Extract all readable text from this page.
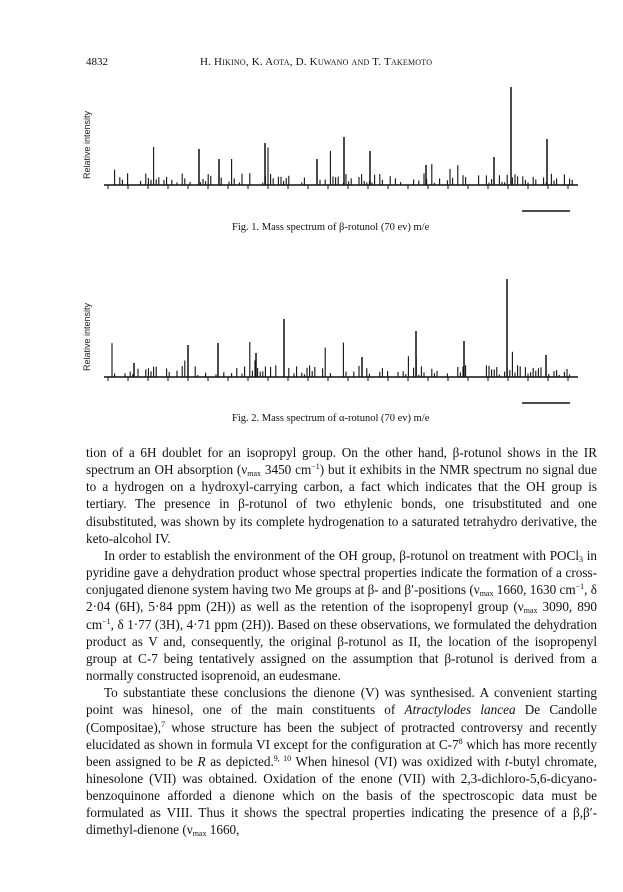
4832	H. Hikino, K. Aota, D. Kuwano and T. Takemoto
Relative intensity
Fig. 1. Mass spectrum of β-rotunol (70 ev) m/e
Relative intensity
Fig. 2. Mass spectrum of α-rotunol (70 ev) m/e

tion of a 6H doublet for an isopropyl group. On the other hand, β-rotunol shows in the IR spectrum an OH absorption ($\nu_{max}$ 3450 $cm^{-1}$) but it exhibits in the NMR spectrum no signal due to a hydrogen on a hydroxyl-carrying carbon, a fact which indicates that the OH group is tertiary. The presence in β-rotunol of two ethylenic bonds, one trisubstituted and one disubstituted, was shown by its complete hydrogenation to a saturated tetrahydro derivative, the keto-alcohol IV.

In order to establish the environment of the OH group, β-rotunol on treatment with POCl$_3$ in pyridine gave a dehydration product whose spectral properties indicate the formation of a cross-conjugated dienone system having two Me groups at β- and β′-positions ($\nu_{max}$ 1660, 1630 $cm^{-1}$, δ 2·04 (6H), 5·84 ppm (2H)) as well as the retention of the isopropenyl group ($\nu_{max}$ 3090, 890 $cm^{-1}$, δ 1·77 (3H), 4·71 ppm (2H)). Based on these observations, we formulated the dehydration product as V and, consequently, the original β-rotunol as II, the location of the isopropenyl group at C-7 being tentatively assigned on the assumption that β-rotunol is derived from a normally constructed isoprenoid, an eudesmane.

To substantiate these conclusions the dienone (V) was synthesised. A convenient starting point was hinesol, one of the main constituents of Atractylodes lancea De Candolle (Compositae),$^7$ whose structure has been the subject of protracted controversy and recently elucidated as shown in formula VI except for the configuration at $C-7^8$ which has more recently been assigned to be R as depicted.$^{9, 10}$ When hinesol (VI) was oxidized with t-butyl chromate, hinesolone (VII) was obtained. Oxidation of the enone (VII) with 2,3-dichloro-5,6-dicyano-benzoquinone afforded a dienone which on the basis of the spectroscopic data must be formulated as VIII. Thus it shows the spectral properties indicating the presence of a β,β′-dimethyl-dienone ($\nu_{max}$ 1660,
